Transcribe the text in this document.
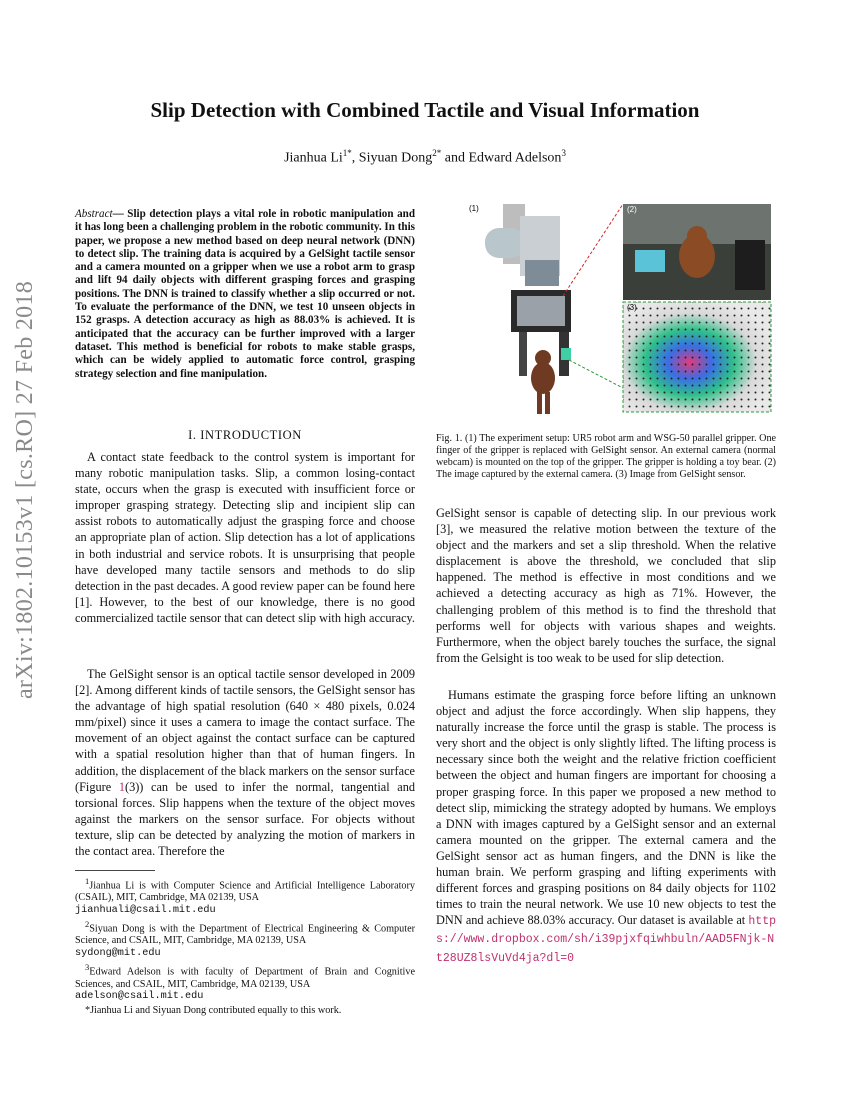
arXiv:1802.10153v1 [cs.RO] 27 Feb 2018
Slip Detection with Combined Tactile and Visual Information
Jianhua $Li^{1*}$, Siyuan Dong$^{2*}$ and Edward Adelson$^3$
Abstract— Slip detection plays a vital role in robotic manipulation and it has long been a challenging problem in the robotic community. In this paper, we propose a new method based on deep neural network (DNN) to detect slip. The training data is acquired by a GelSight tactile sensor and a camera mounted on a gripper when we use a robot arm to grasp and lift 94 daily objects with different grasping forces and grasping positions. The DNN is trained to classify whether a slip occurred or not. To evaluate the performance of the DNN, we test 10 unseen objects in 152 grasps. A detection accuracy as high as 88.03% is achieved. It is anticipated that the accuracy can be further improved with a larger dataset. This method is beneficial for robots to make stable grasps, which can be widely applied to automatic force control, grasping strategy selection and fine manipulation.
I. INTRODUCTION

A contact state feedback to the control system is important for many robotic manipulation tasks. Slip, a common losing-contact state, occurs when the grasp is executed with insufficient force or improper grasping strategy. Detecting slip and incipient slip can assist robots to automatically adjust the grasping force and choose an appropriate plan of action. Slip detection has a lot of applications in both industrial and service robots. It is unsurprising that people have developed many tactile sensors and methods to do slip detection in the past decades. A good review paper can be found here [1]. However, to the best of our knowledge, there is no good commercialized tactile sensor that can detect slip with high accuracy.

The GelSight sensor is an optical tactile sensor developed in 2009 [2]. Among different kinds of tactile sensors, the GelSight sensor has the advantage of high spatial resolution (640 × 480 pixels, 0.024 mm/pixel) since it uses a camera to image the contact surface. The movement of an object against the contact surface can be captured with a spatial resolution higher than that of human fingers. In addition, the displacement of the black markers on the sensor surface (Figure 1(3)) can be used to infer the normal, tangential and torsional forces. Slip happens when the texture of the object moves against the markers on the sensor surface. For objects without texture, slip can be detected by analyzing the motion of markers in the contact area. Therefore the

$^1$Jianhua Li is with Computer Science and Artificial Intelligence Laboratory (CSAIL), MIT, Cambridge, MA 02139, USA
jianhuali@csail.mit.edu

$^2$Siyuan Dong is with the Department of Electrical Engineering & Computer Science, and CSAIL, MIT, Cambridge, MA 02139, USA
sydong@mit.edu

$^3$Edward Adelson is with faculty of Department of Brain and Cognitive Sciences, and CSAIL, MIT, Cambridge, MA 02139, USA
adelson@csail.mit.edu

*Jianhua Li and Siyuan Dong contributed equally to this work.

(1)	(2)
(3)
Fig. 1. (1) The experiment setup: UR5 robot arm and WSG-50 parallel gripper. One finger of the gripper is replaced with GelSight sensor. An external camera (normal webcam) is mounted on the top of the gripper. The gripper is holding a toy bear. (2) The image captured by the external camera. (3) Image from GelSight sensor.

GelSight sensor is capable of detecting slip. In our previous work [3], we measured the relative motion between the texture of the object and the markers and set a slip threshold. When the relative displacement is above the threshold, we concluded that slip happened. The method is effective in most conditions and we achieved a detecting accuracy as high as 71%. However, the challenging problem of this method is to find the threshold that performs well for objects with various shapes and weights. Furthermore, when the object barely touches the surface, the signal from the Gelsight is too weak to be used for slip detection.

Humans estimate the grasping force before lifting an unknown object and adjust the force accordingly. When slip happens, they naturally increase the force until the grasp is stable. The process is very short and the object is only slightly lifted. The lifting process is necessary since both the weight and the relative friction coefficient between the object and human fingers are important for choosing a proper grasping force. In this paper we proposed a new method to detect slip, mimicking the strategy adopted by humans. We employs a DNN with images captured by a GelSight sensor and an external camera mounted on the gripper. The external camera and the GelSight sensor act as human fingers, and the DNN is like the human brain. We perform grasping and lifting experiments with different forces and grasping positions on 84 daily objects for 1102 times to train the neural network. We use 10 new objects to test the DNN and achieve 88.03% accuracy. Our dataset is available at https://www.dropbox.com/sh/i39pjxfqiwhbuln/AAD5FNjk-Nt28UZ8lsVuVd4ja?dl=0
